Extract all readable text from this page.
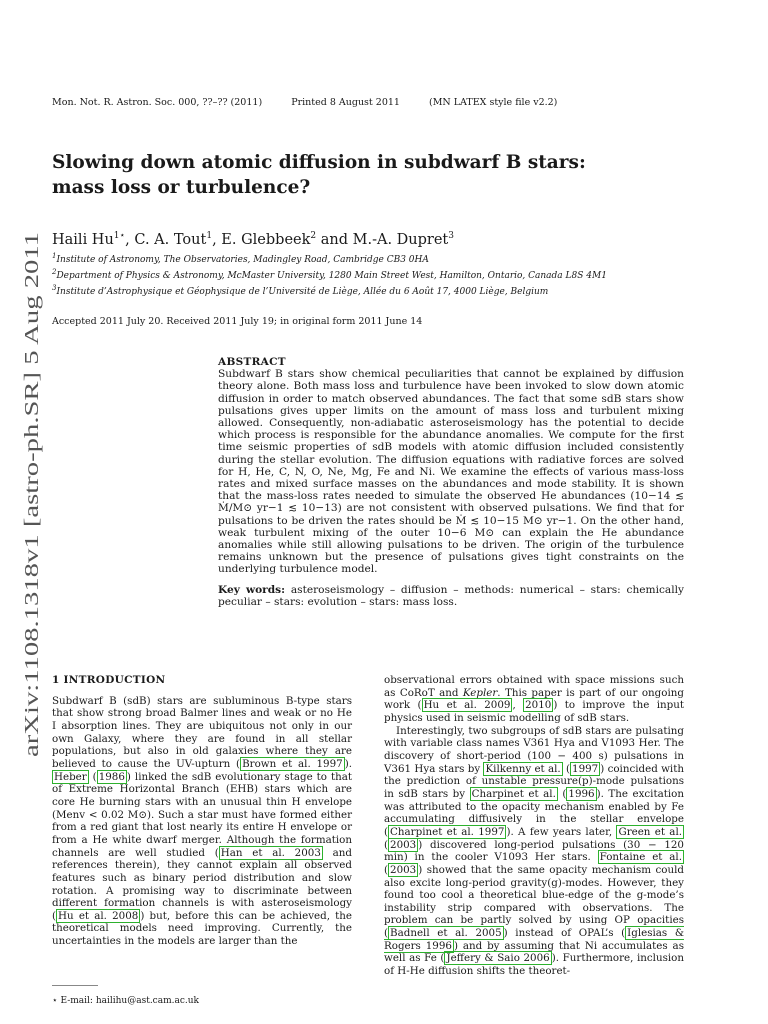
Mon. Not. R. Astron. Soc. 000, ??–?? (2011)	Printed 8 August 2011	(MN LATEX style file v2.2)
arXiv:1108.1318v1 [astro-ph.SR] 5 Aug 2011
Slowing down atomic diffusion in subdwarf B stars:
mass loss or turbulence?
Haili $Hu^{1⋆}$, C. A. Tout$^1$, E. Glebbeek$^2$ and M.-A. Dupret$^3$
$^1$Institute of Astronomy, The Observatories, Madingley Road, Cambridge CB3 0HA
$^2$Department of Physics & Astronomy, McMaster University, 1280 Main Street West, Hamilton, Ontario, Canada L8S 4M1
$^3$Institute d’Astrophysique et Géophysique de l’Université de Liège, Allée du 6 Août 17, 4000 Liège, Belgium
Accepted 2011 July 20. Received 2011 July 19; in original form 2011 June 14
ABSTRACT

Subdwarf B stars show chemical peculiarities that cannot be explained by diffusion theory alone. Both mass loss and turbulence have been invoked to slow down atomic diffusion in order to match observed abundances. The fact that some sdB stars show pulsations gives upper limits on the amount of mass loss and turbulent mixing allowed. Consequently, non-adiabatic asteroseismology has the potential to decide which process is responsible for the abundance anomalies. We compute for the first time seismic properties of sdB models with atomic diffusion included consistently during the stellar evolution. The diffusion equations with radiative forces are solved for H, He, C, N, O, Ne, Mg, Fe and Ni. We examine the effects of various mass-loss rates and mixed surface masses on the abundances and mode stability. It is shown that the mass-loss rates needed to simulate the observed He abundances (10−14 ≲ Ṁ/M⊙ yr−1 ≲ 10−13) are not consistent with observed pulsations. We find that for pulsations to be driven the rates should be Ṁ ≲ 10−15 M⊙ yr−1. On the other hand, weak turbulent mixing of the outer 10−6 M⊙ can explain the He abundance anomalies while still allowing pulsations to be driven. The origin of the turbulence remains unknown but the presence of pulsations gives tight constraints on the underlying turbulence model.

Key words: asteroseismology – diffusion – methods: numerical – stars: chemically peculiar – stars: evolution – stars: mass loss.

1 INTRODUCTION

Subdwarf B (sdB) stars are subluminous B-type stars that show strong broad Balmer lines and weak or no He I absorption lines. They are ubiquitous not only in our own Galaxy, where they are found in all stellar populations, but also in old galaxies where they are believed to cause the UV-upturn ( Brown et al. 1997 ). Heber ( 1986 ) linked the sdB evolutionary stage to that of Extreme Horizontal Branch (EHB) stars which are core He burning stars with an unusual thin H envelope (Menv < 0.02 M⊙). Such a star must have formed either from a red giant that lost nearly its entire H envelope or from a He white dwarf merger. Although the formation channels are well studied ( Han et al. 2003 and references therein), they cannot explain all observed features such as binary period distribution and slow rotation. A promising way to discriminate between different formation channels is with asteroseismology ( Hu et al. 2008 ) but, before this can be achieved, the theoretical models need improving. Currently, the uncertainties in the models are larger than the

observational errors obtained with space missions such as CoRoT and Kepler. This paper is part of our ongoing work ( Hu et al. 2009 , 2010 ) to improve the input physics used in seismic modelling of sdB stars.

Interestingly, two subgroups of sdB stars are pulsating with variable class names V361 Hya and V1093 Her. The discovery of short-period (100 − 400 s) pulsations in V361 Hya stars by Kilkenny et al. ( 1997 ) coincided with the prediction of unstable pressure(p)-mode pulsations in sdB stars by Charpinet et al. ( 1996 ). The excitation was attributed to the opacity mechanism enabled by Fe accumulating diffusively in the stellar envelope ( Charpinet et al. 1997 ). A few years later, Green et al. ( 2003 ) discovered long-period pulsations (30 − 120 min) in the cooler V1093 Her stars. Fontaine et al. ( 2003 ) showed that the same opacity mechanism could also excite long-period gravity(g)-modes. However, they found too cool a theoretical blue-edge of the g-mode’s instability strip compared with observations. The problem can be partly solved by using OP opacities ( Badnell et al. 2005 ) instead of OPAL’s ( Iglesias & Rogers 1996 ) and by assuming that Ni accumulates as well as Fe ( Jeffery & Saio 2006 ). Furthermore, inclusion of H-He diffusion shifts the theoret-

⋆ E-mail: hailihu@ast.cam.ac.uk
